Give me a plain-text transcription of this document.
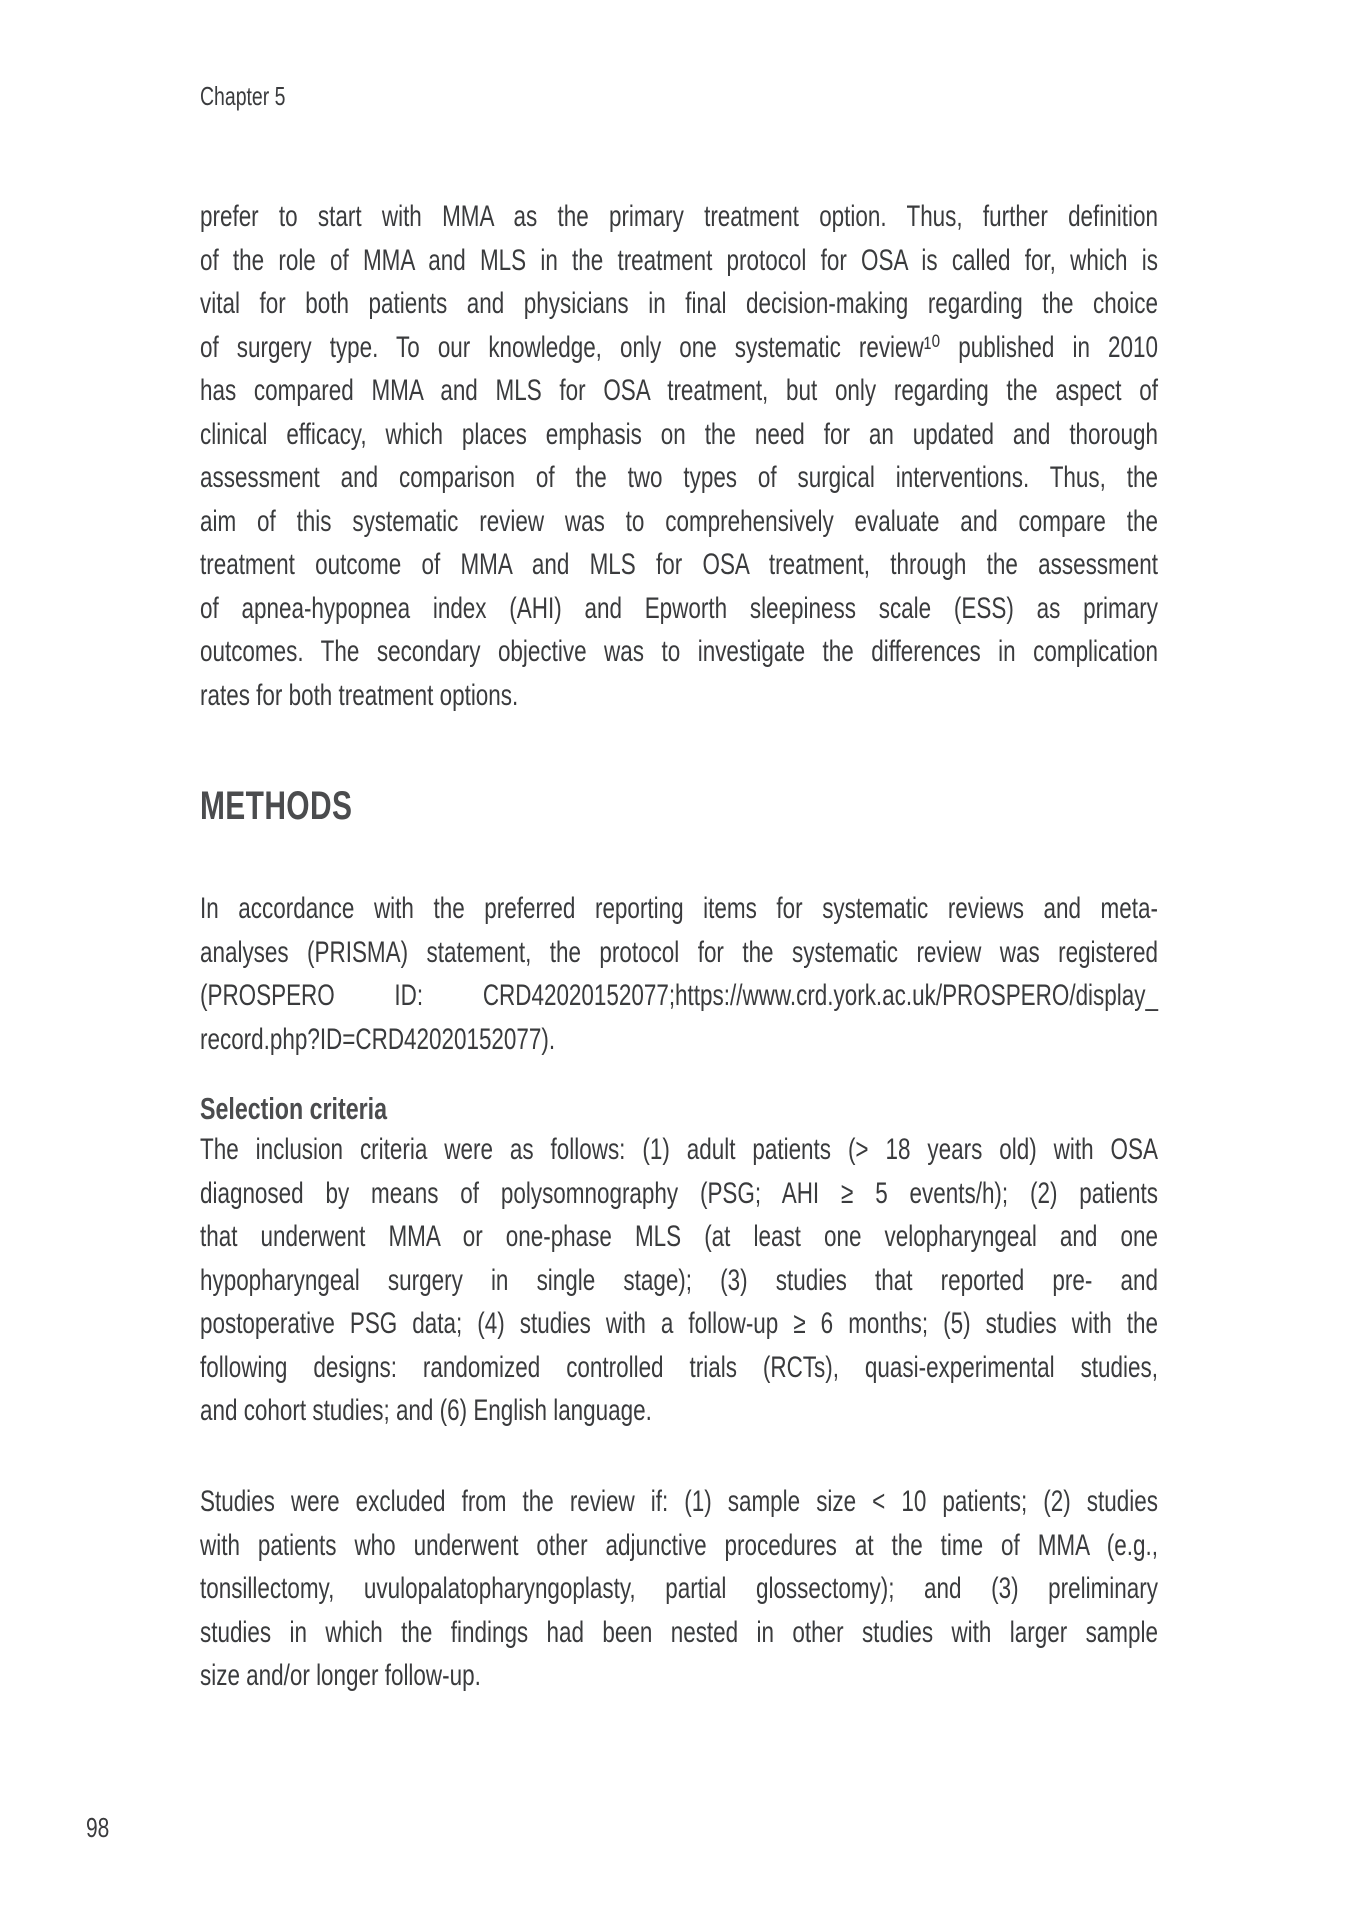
Chapter 5
prefer to start with MMA as the primary treatment option. Thus, further definition
of the role of MMA and MLS in the treatment protocol for OSA is called for, which is
vital for both patients and physicians in final decision-making regarding the choice
of surgery type. To our knowledge, only one systematic review¹⁰ published in 2010
has compared MMA and MLS for OSA treatment, but only regarding the aspect of
clinical efficacy, which places emphasis on the need for an updated and thorough
assessment and comparison of the two types of surgical interventions. Thus, the
aim of this systematic review was to comprehensively evaluate and compare the
treatment outcome of MMA and MLS for OSA treatment, through the assessment
of apnea-hypopnea index (AHI) and Epworth sleepiness scale (ESS) as primary
outcomes. The secondary objective was to investigate the differences in complication
rates for both treatment options.
METHODS
In accordance with the preferred reporting items for systematic reviews and meta-
analyses (PRISMA) statement, the protocol for the systematic review was registered
(PROSPERO ID: CRD42020152077;https://www.crd.york.ac.uk/PROSPERO/display_
record.php?ID=CRD42020152077).
Selection criteria
The inclusion criteria were as follows: (1) adult patients (> 18 years old) with OSA
diagnosed by means of polysomnography (PSG; AHI ≥ 5 events/h); (2) patients
that underwent MMA or one-phase MLS (at least one velopharyngeal and one
hypopharyngeal surgery in single stage); (3) studies that reported pre- and
postoperative PSG data; (4) studies with a follow-up ≥ 6 months; (5) studies with the
following designs: randomized controlled trials (RCTs), quasi-experimental studies,
and cohort studies; and (6) English language.
Studies were excluded from the review if: (1) sample size < 10 patients; (2) studies
with patients who underwent other adjunctive procedures at the time of MMA (e.g.,
tonsillectomy, uvulopalatopharyngoplasty, partial glossectomy); and (3) preliminary
studies in which the findings had been nested in other studies with larger sample
size and/or longer follow-up.
98
